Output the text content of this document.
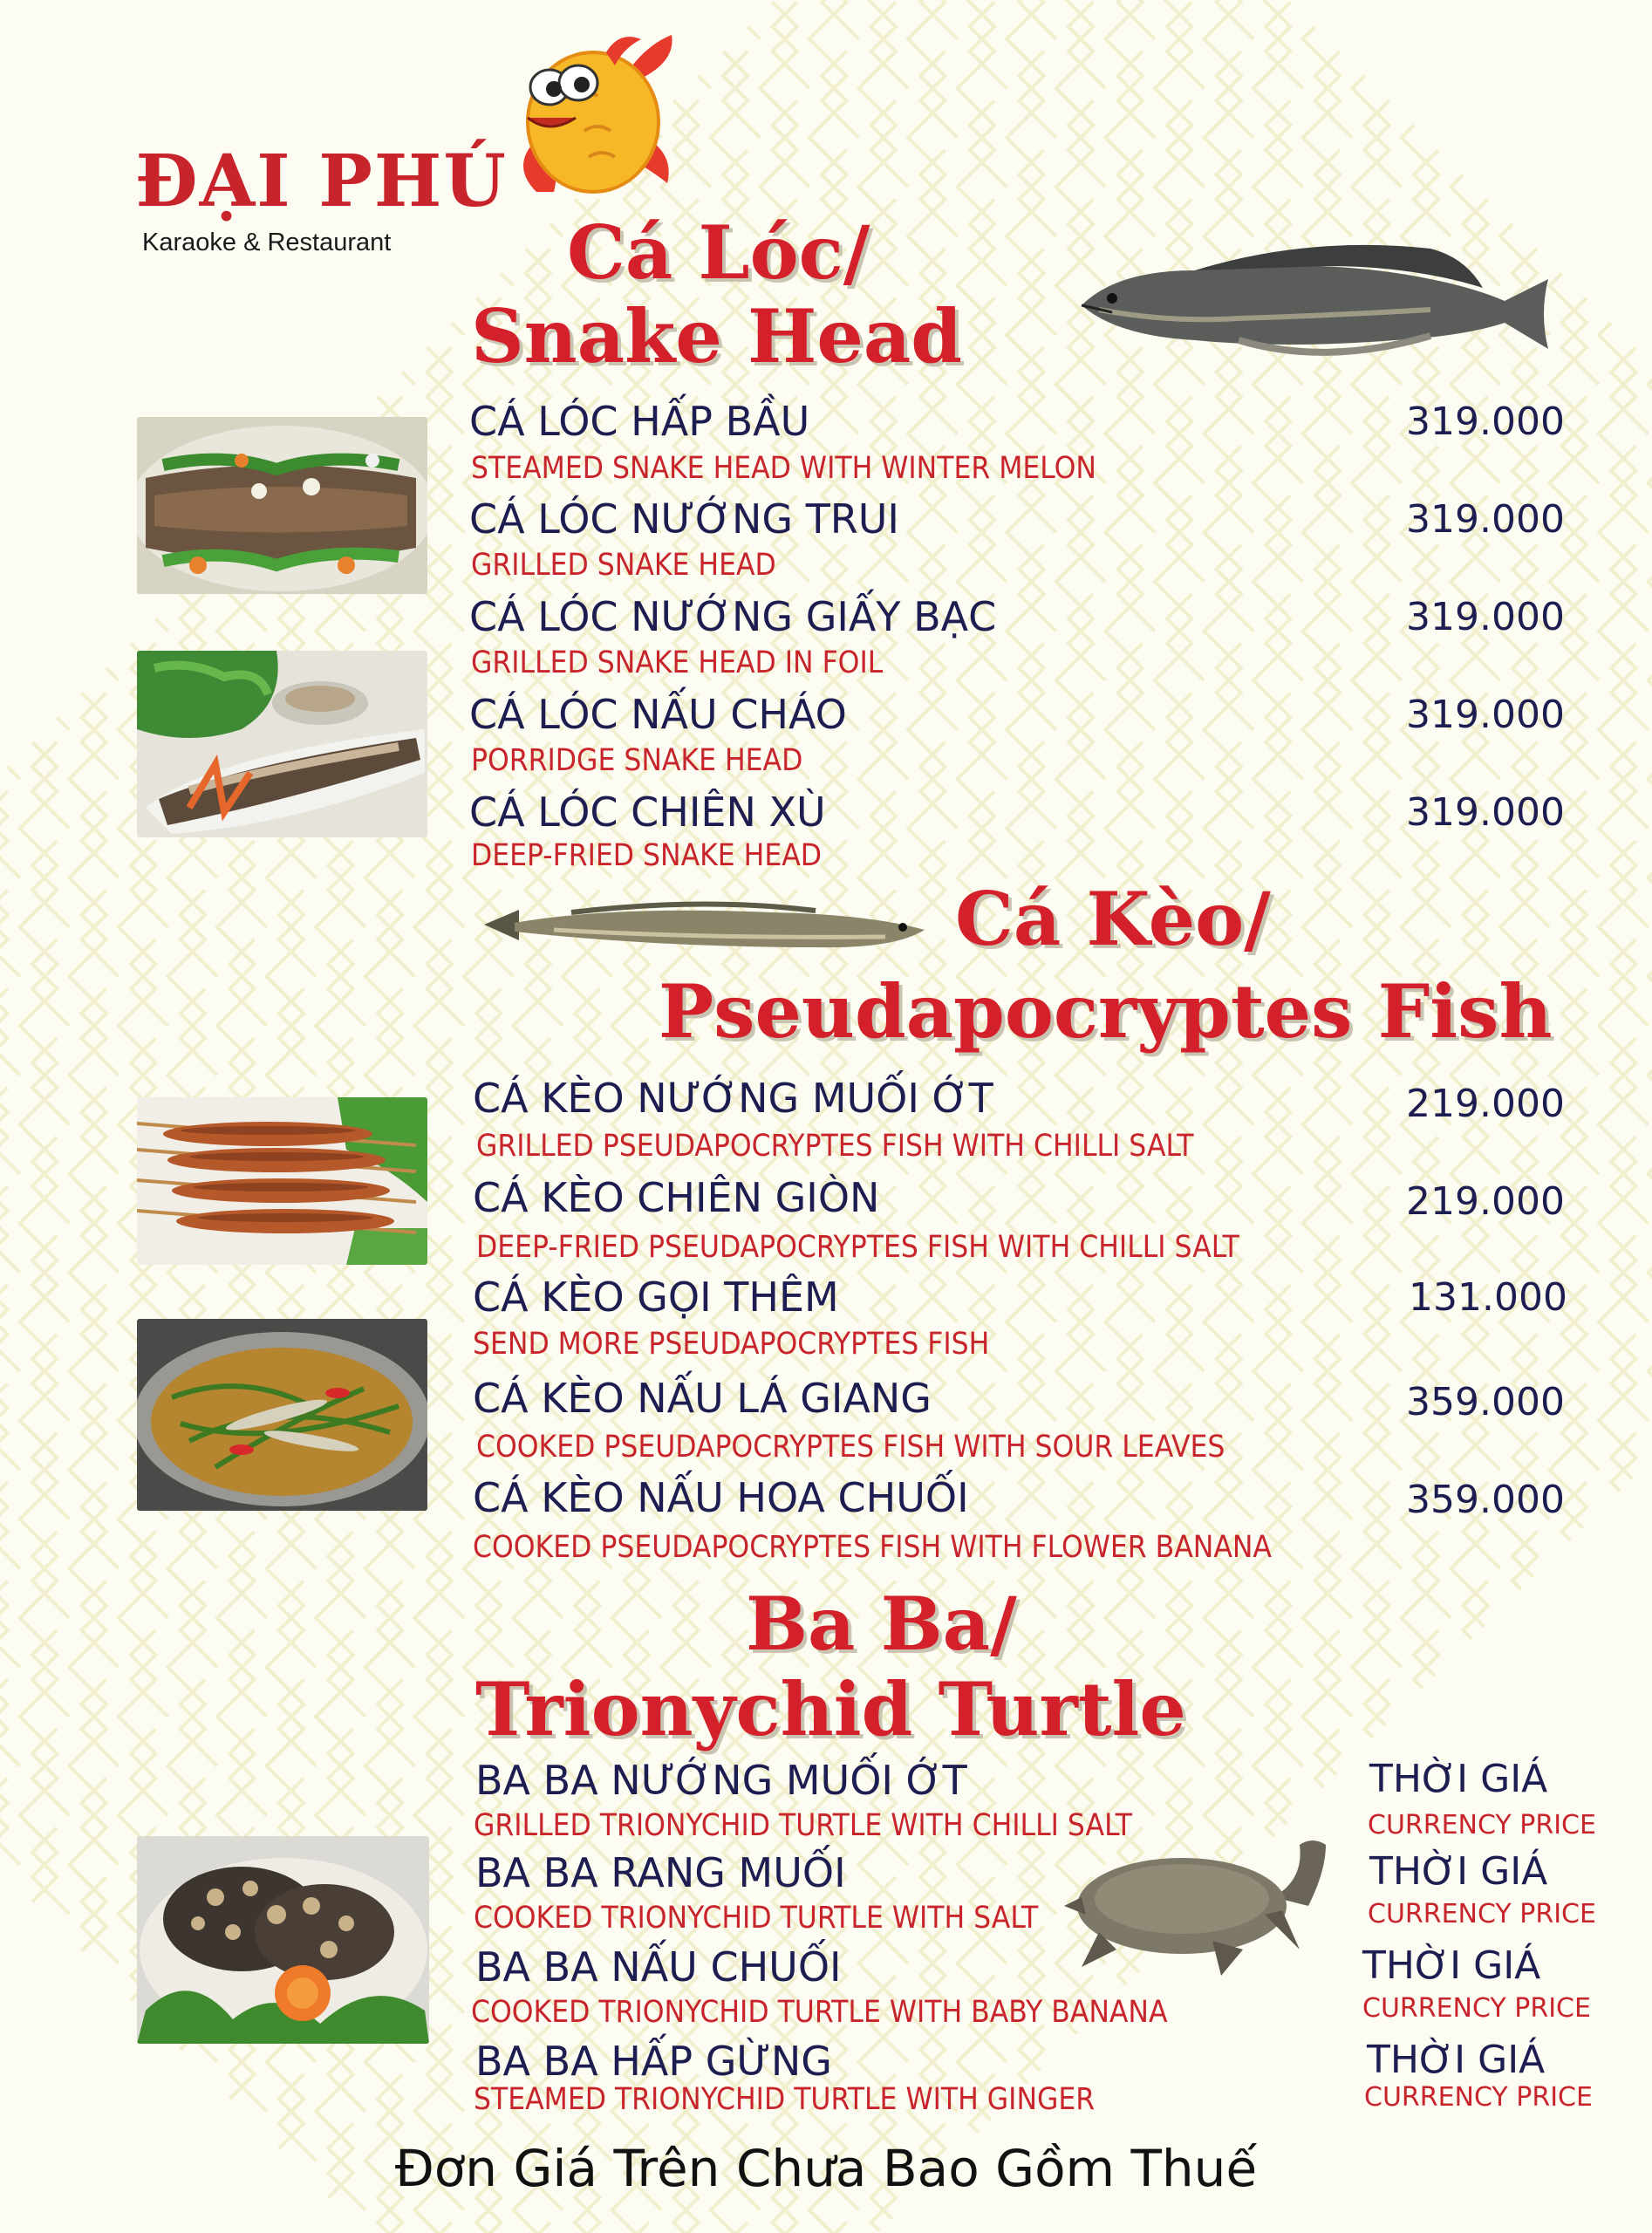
ĐẠI PHÚ
Karaoke & Restaurant Cá Lóc/
Snake Head
CÁ LÓC HẤP BẦU
STEAMED SNAKE HEAD WITH WINTER MELON
319.000
CÁ LÓC NƯỚNG TRUI
GRILLED SNAKE HEAD
319.000
CÁ LÓC NƯỚNG GIẤY BẠC
GRILLED SNAKE HEAD IN FOIL
319.000
CÁ LÓC NẤU CHÁO
PORRIDGE SNAKE HEAD
319.000
CÁ LÓC CHIÊN XÙ
DEEP-FRIED SNAKE HEAD
319.000
Cá Kèo/
Pseudapocryptes Fish
CÁ KÈO NƯỚNG MUỐI ỚT
GRILLED PSEUDAPOCRYPTES FISH WITH CHILLI SALT
219.000
CÁ KÈO CHIÊN GIÒN
DEEP-FRIED PSEUDAPOCRYPTES FISH WITH CHILLI SALT
219.000
CÁ KÈO GỌI THÊM
SEND MORE PSEUDAPOCRYPTES FISH
131.000
CÁ KÈO NẤU LÁ GIANG
COOKED PSEUDAPOCRYPTES FISH WITH SOUR LEAVES
359.000
CÁ KÈO NẤU HOA CHUỐI
COOKED PSEUDAPOCRYPTES FISH WITH FLOWER BANANA
359.000
Ba Ba/
Trionychid Turtle
BA BA NƯỚNG MUỐI ỚT
GRILLED TRIONYCHID TURTLE WITH CHILLI SALT
THỜI GIÁ
CURRENCY PRICE
BA BA RANG MUỐI
COOKED TRIONYCHID TURTLE WITH SALT
THỜI GIÁ
CURRENCY PRICE
BA BA NẤU CHUỐI
COOKED TRIONYCHID TURTLE WITH BABY BANANA
THỜI GIÁ
CURRENCY PRICE
BA BA HẤP GỪNG
STEAMED TRIONYCHID TURTLE WITH GINGER
THỜI GIÁ
CURRENCY PRICE
Đơn Giá Trên Chưa Bao Gồm Thuế
